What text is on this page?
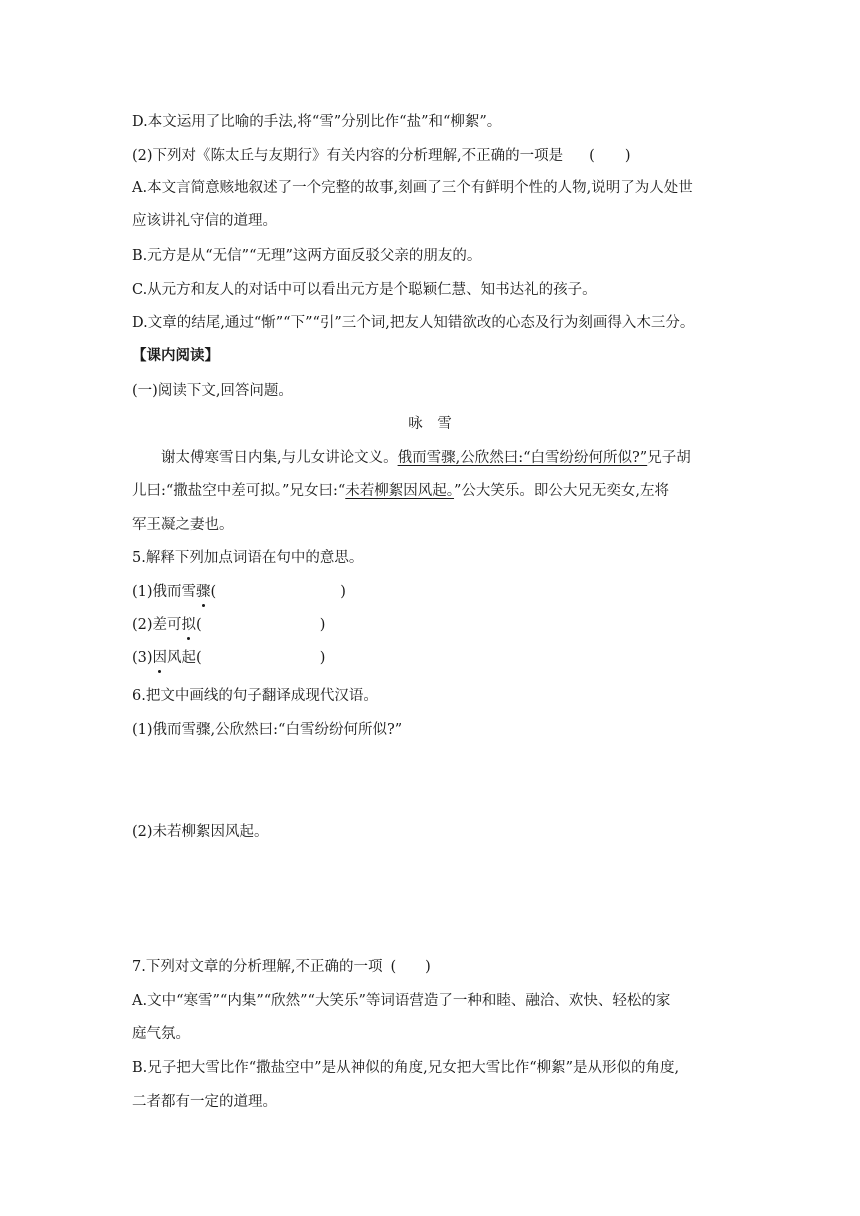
D.本文运用了比喻的手法,将“雪”分别比作“盐”和“柳絮”。
(2)下列对《陈太丘与友期行》有关内容的分析理解,不正确的一项是 ( )
A.本文言简意赅地叙述了一个完整的故事,刻画了三个有鲜明个性的人物,说明了为人处世
应该讲礼守信的道理。
B.元方是从“无信”“无理”这两方面反驳父亲的朋友的。
C.从元方和友人的对话中可以看出元方是个聪颖仁慧、知书达礼的孩子。
D.文章的结尾,通过“惭”“下”“引”三个词,把友人知错欲改的心态及行为刻画得入木三分。
【课内阅读】
(一)阅读下文,回答问题。
咏　雪
谢太傅寒雪日内集,与儿女讲论文义。俄而雪骤,公欣然曰:“白雪纷纷何所似?”兄子胡
儿曰:“撒盐空中差可拟。”兄女曰:“未若柳絮因风起。”公大笑乐。即公大兄无奕女,左将
军王凝之妻也。
5.解释下列加点词语在句中的意思。
(1)俄而雪骤(	)
(2)差可拟(	)
(3)因风起(	)
6.把文中画线的句子翻译成现代汉语。
(1)俄而雪骤,公欣然曰:“白雪纷纷何所似?”
(2)未若柳絮因风起。
7.下列对文章的分析理解,不正确的一项 (　　)
A.文中“寒雪”“内集”“欣然”“大笑乐”等词语营造了一种和睦、融洽、欢快、轻松的家
庭气氛。
B.兄子把大雪比作“撒盐空中”是从神似的角度,兄女把大雪比作“柳絮”是从形似的角度,
二者都有一定的道理。
